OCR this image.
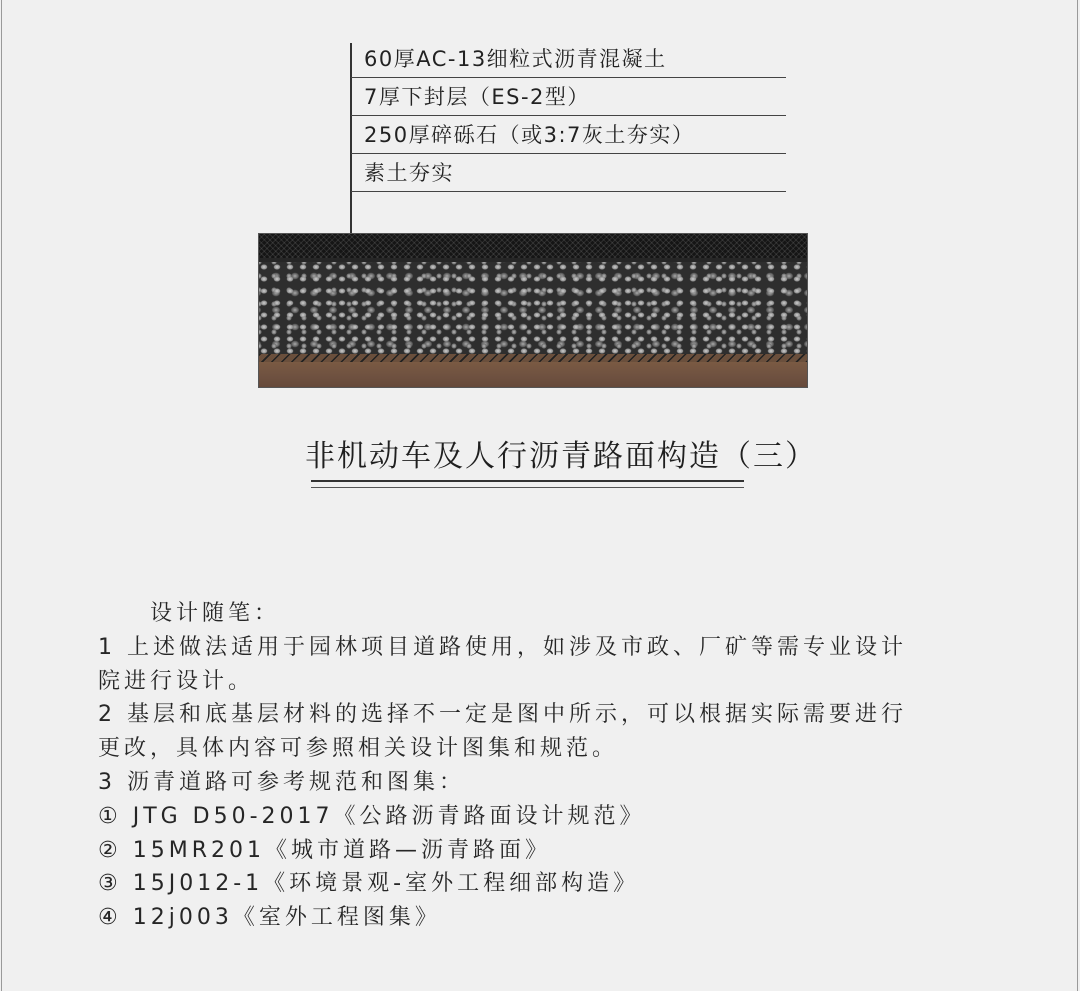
60厚AC-13细粒式沥青混凝土
7厚下封层（ES-2型）
250厚碎砾石（或3:7灰土夯实）
素土夯实
非机动车及人行沥青路面构造（三）
设计随笔：
1 上述做法适用于园林项目道路使用，如涉及市政、厂矿等需专业设计
院进行设计。
2 基层和底基层材料的选择不一定是图中所示，可以根据实际需要进行
更改，具体内容可参照相关设计图集和规范。
3 沥青道路可参考规范和图集：
① JTG D50-2017《公路沥青路面设计规范》
② 15MR201《城市道路—沥青路面》
③ 15J012-1《环境景观-室外工程细部构造》
④ 12j003《室外工程图集》
